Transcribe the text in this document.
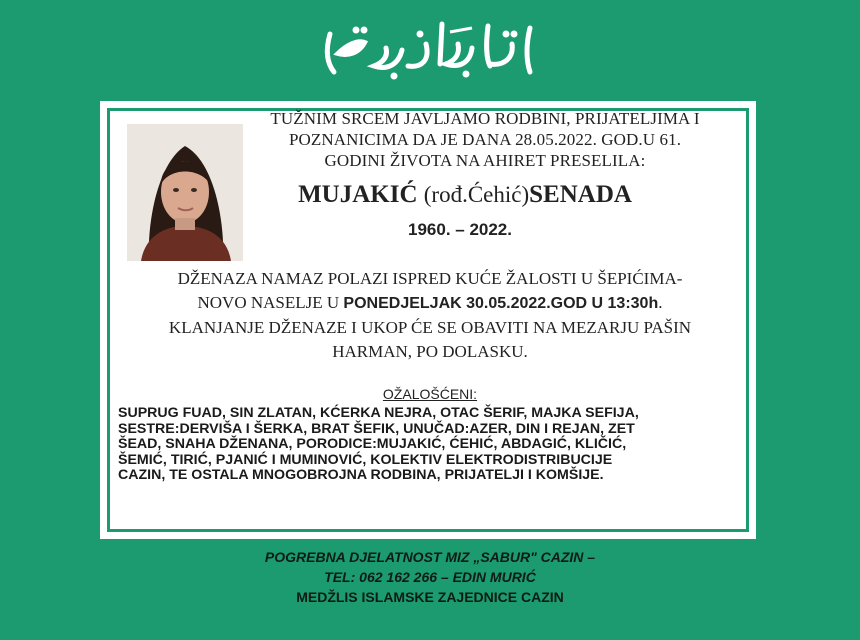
TUŽNIM SRCEM JAVLJAMO RODBINI, PRIJATELJIMA I
POZNANICIMA DA JE DANA 28.05.2022. GOD.U 61.
GODINI ŽIVOTA NA AHIRET PRESELILA:
MUJAKIĆ (rođ.Ćehić)SENADA
1960. – 2022.
DŽENAZA NAMAZ POLAZI ISPRED KUĆE ŽALOSTI U ŠEPIĆIMA-
NOVO NASELJE U PONEDJELJAK 30.05.2022.GOD U 13:30h.
KLANJANJE DŽENAZE I UKOP ĆE SE OBAVITI NA MEZARJU PAŠIN
HARMAN, PO DOLASKU.
OŽALOŠĆENI:
SUPRUG FUAD, SIN ZLATAN, KĆERKA NEJRA, OTAC ŠERIF, MAJKA SEFIJA,
SESTRE:DERVIŠA I ŠERKA, BRAT ŠEFIK, UNUČAD:AZER, DIN I REJAN, ZET
ŠEAD, SNAHA DŽENANA, PORODICE:MUJAKIĆ, ĆEHIĆ, ABDAGIĆ, KLIČIĆ,
ŠEMIĆ, TIRIĆ, PJANIĆ I MUMINOVIĆ, KOLEKTIV ELEKTRODISTRIBUCIJE
CAZIN, TE OSTALA MNOGOBROJNA RODBINA, PRIJATELJI I KOMŠIJE.
POGREBNA DJELATNOST MIZ „SABUR" CAZIN –
TEL: 062 162 266 – EDIN MURIĆ
MEDŽLIS ISLAMSKE ZAJEDNICE CAZIN
